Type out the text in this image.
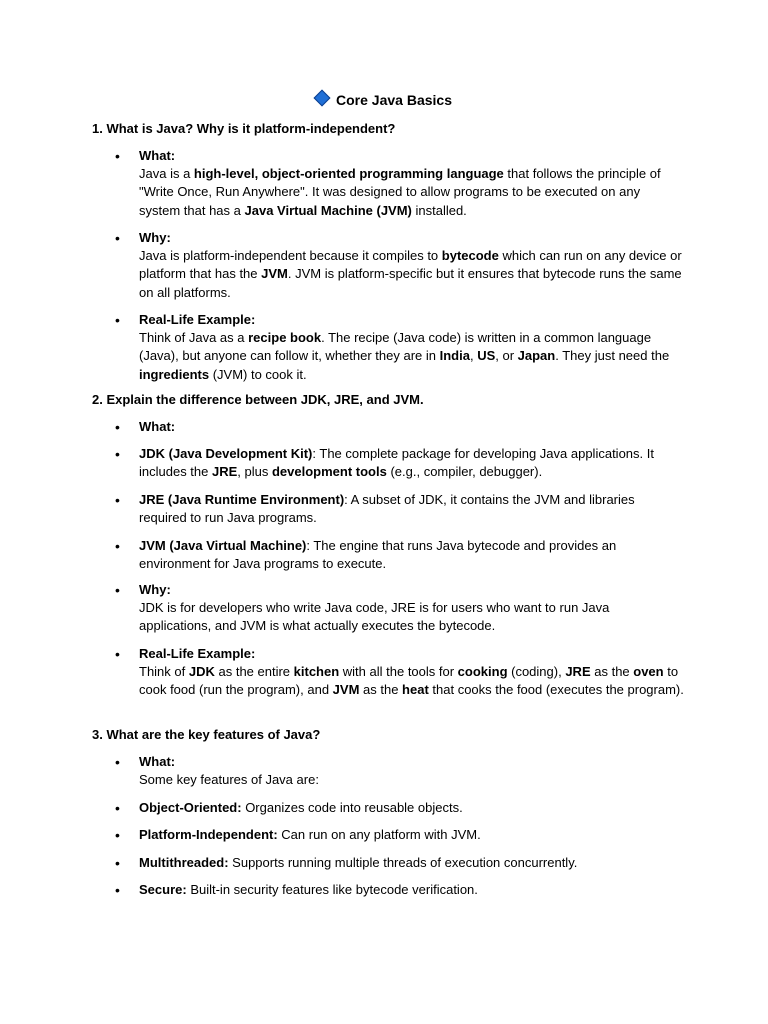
Core Java Basics
1. What is Java? Why is it platform-independent?
• What:
Java is a high-level, object-oriented programming language that follows the principle of "Write Once, Run Anywhere". It was designed to allow programs to be executed on any system that has a Java Virtual Machine (JVM) installed.
• Why:
Java is platform-independent because it compiles to bytecode which can run on any device or platform that has the JVM. JVM is platform-specific but it ensures that bytecode runs the same on all platforms.
• Real-Life Example:
Think of Java as a recipe book. The recipe (Java code) is written in a common language (Java), but anyone can follow it, whether they are in India, US, or Japan. They just need the ingredients (JVM) to cook it.
2. Explain the difference between JDK, JRE, and JVM.
• What:
• JDK (Java Development Kit): The complete package for developing Java applications. It includes the JRE, plus development tools (e.g., compiler, debugger).
• JRE (Java Runtime Environment): A subset of JDK, it contains the JVM and libraries required to run Java programs.
• JVM (Java Virtual Machine): The engine that runs Java bytecode and provides an environment for Java programs to execute.
• Why:
JDK is for developers who write Java code, JRE is for users who want to run Java applications, and JVM is what actually executes the bytecode.
• Real-Life Example:
Think of JDK as the entire kitchen with all the tools for cooking (coding), JRE as the oven to cook food (run the program), and JVM as the heat that cooks the food (executes the program).
3. What are the key features of Java?
• What:
Some key features of Java are:
• Object-Oriented: Organizes code into reusable objects.
• Platform-Independent: Can run on any platform with JVM.
• Multithreaded: Supports running multiple threads of execution concurrently.
• Secure: Built-in security features like bytecode verification.
